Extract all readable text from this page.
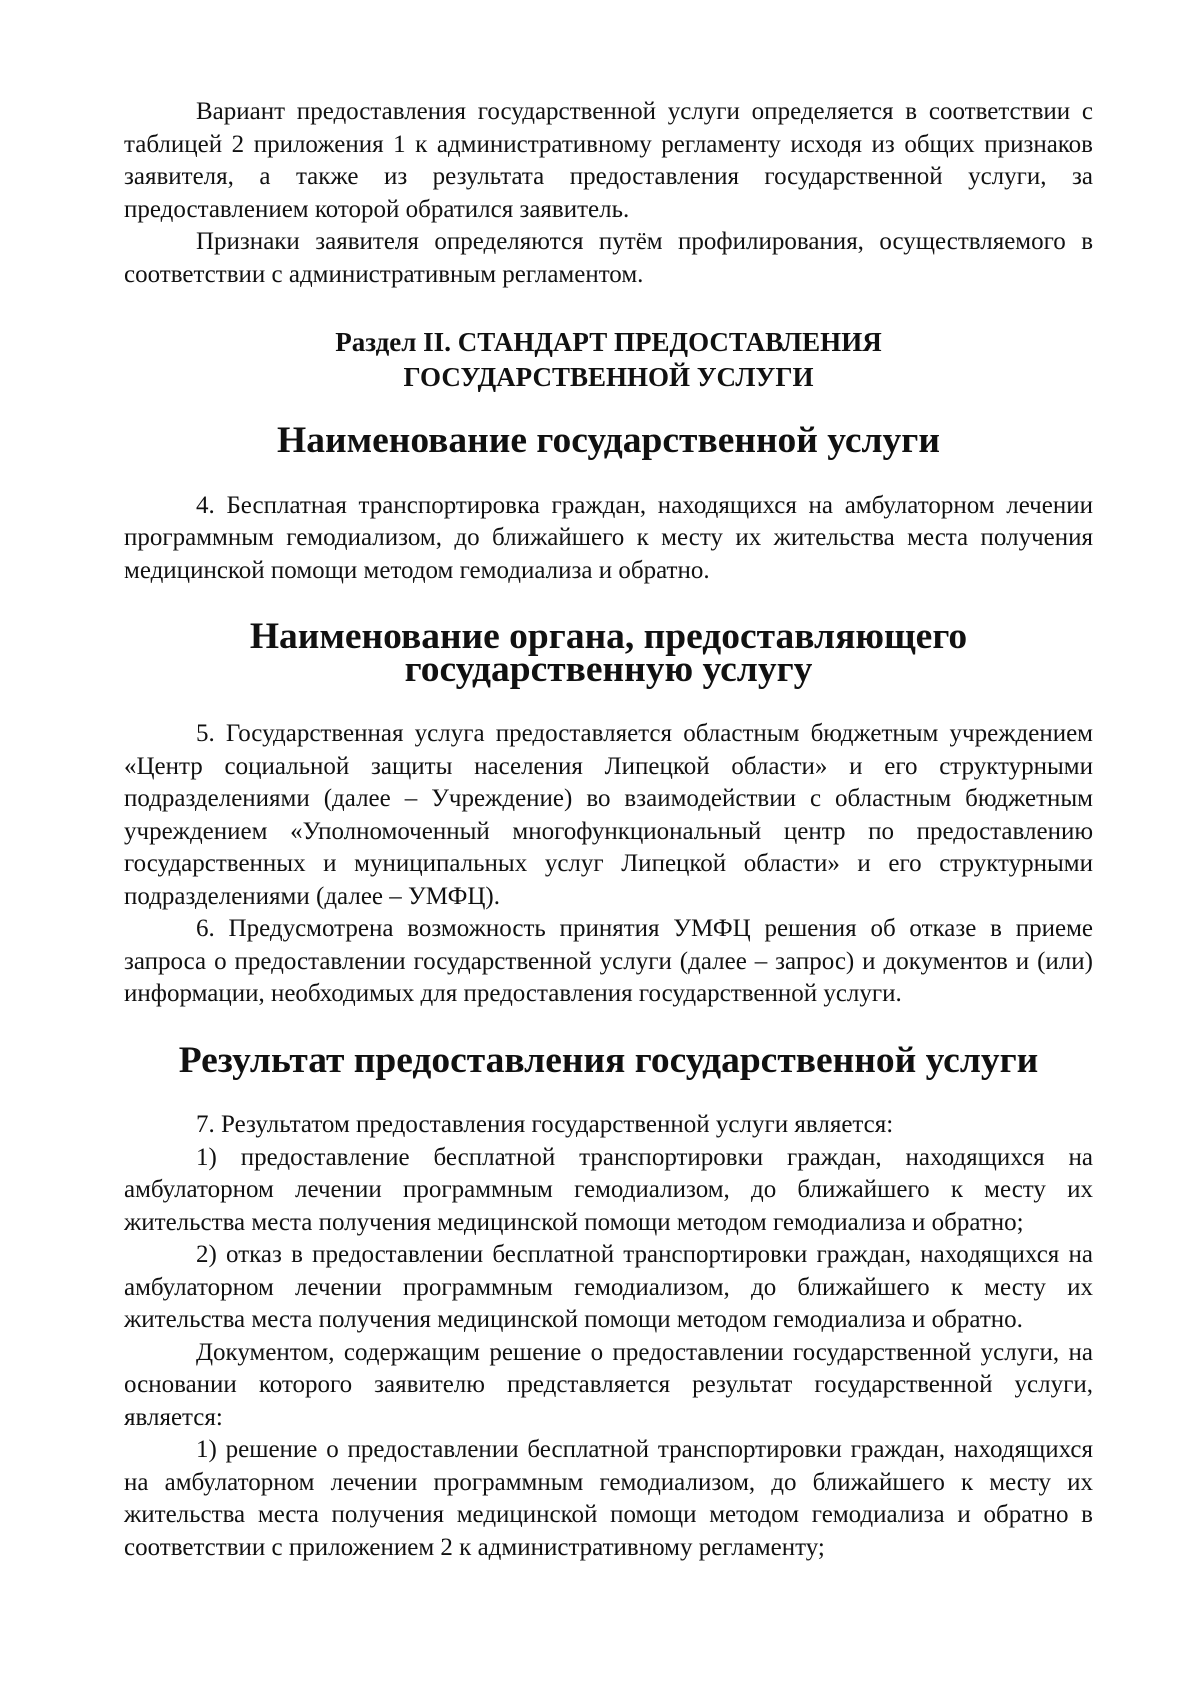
Вариант предоставления государственной услуги определяется в соответствии с таблицей 2 приложения 1 к административному регламенту исходя из общих признаков заявителя, а также из результата предоставления государственной услуги, за предоставлением которой обратился заявитель.

Признаки заявителя определяются путём профилирования, осуществляемого в соответствии с административным регламентом.

Раздел II. СТАНДАРТ ПРЕДОСТАВЛЕНИЯ
ГОСУДАРСТВЕННОЙ УСЛУГИ
Наименование государственной услуги

4. Бесплатная транспортировка граждан, находящихся на амбулаторном лечении программным гемодиализом, до ближайшего к месту их жительства места получения медицинской помощи методом гемодиализа и обратно.

Наименование органа, предоставляющего государственную услугу

5. Государственная услуга предоставляется областным бюджетным учреждением «Центр социальной защиты населения Липецкой области» и его структурными подразделениями (далее – Учреждение) во взаимодействии с областным бюджетным учреждением «Уполномоченный многофункциональный центр по предоставлению государственных и муниципальных услуг Липецкой области» и его структурными подразделениями (далее – УМФЦ).

6. Предусмотрена возможность принятия УМФЦ решения об отказе в приеме запроса о предоставлении государственной услуги (далее – запрос) и документов и (или) информации, необходимых для предоставления государственной услуги.

Результат предоставления государственной услуги

7. Результатом предоставления государственной услуги является:

1) предоставление бесплатной транспортировки граждан, находящихся на амбулаторном лечении программным гемодиализом, до ближайшего к месту их жительства места получения медицинской помощи методом гемодиализа и обратно;

2) отказ в предоставлении бесплатной транспортировки граждан, находящихся на амбулаторном лечении программным гемодиализом, до ближайшего к месту их жительства места получения медицинской помощи методом гемодиализа и обратно.

Документом, содержащим решение о предоставлении государственной услуги, на основании которого заявителю представляется результат государственной услуги, является:

1) решение о предоставлении бесплатной транспортировки граждан, находящихся на амбулаторном лечении программным гемодиализом, до ближайшего к месту их жительства места получения медицинской помощи методом гемодиализа и обратно в соответствии с приложением 2 к административному регламенту;
